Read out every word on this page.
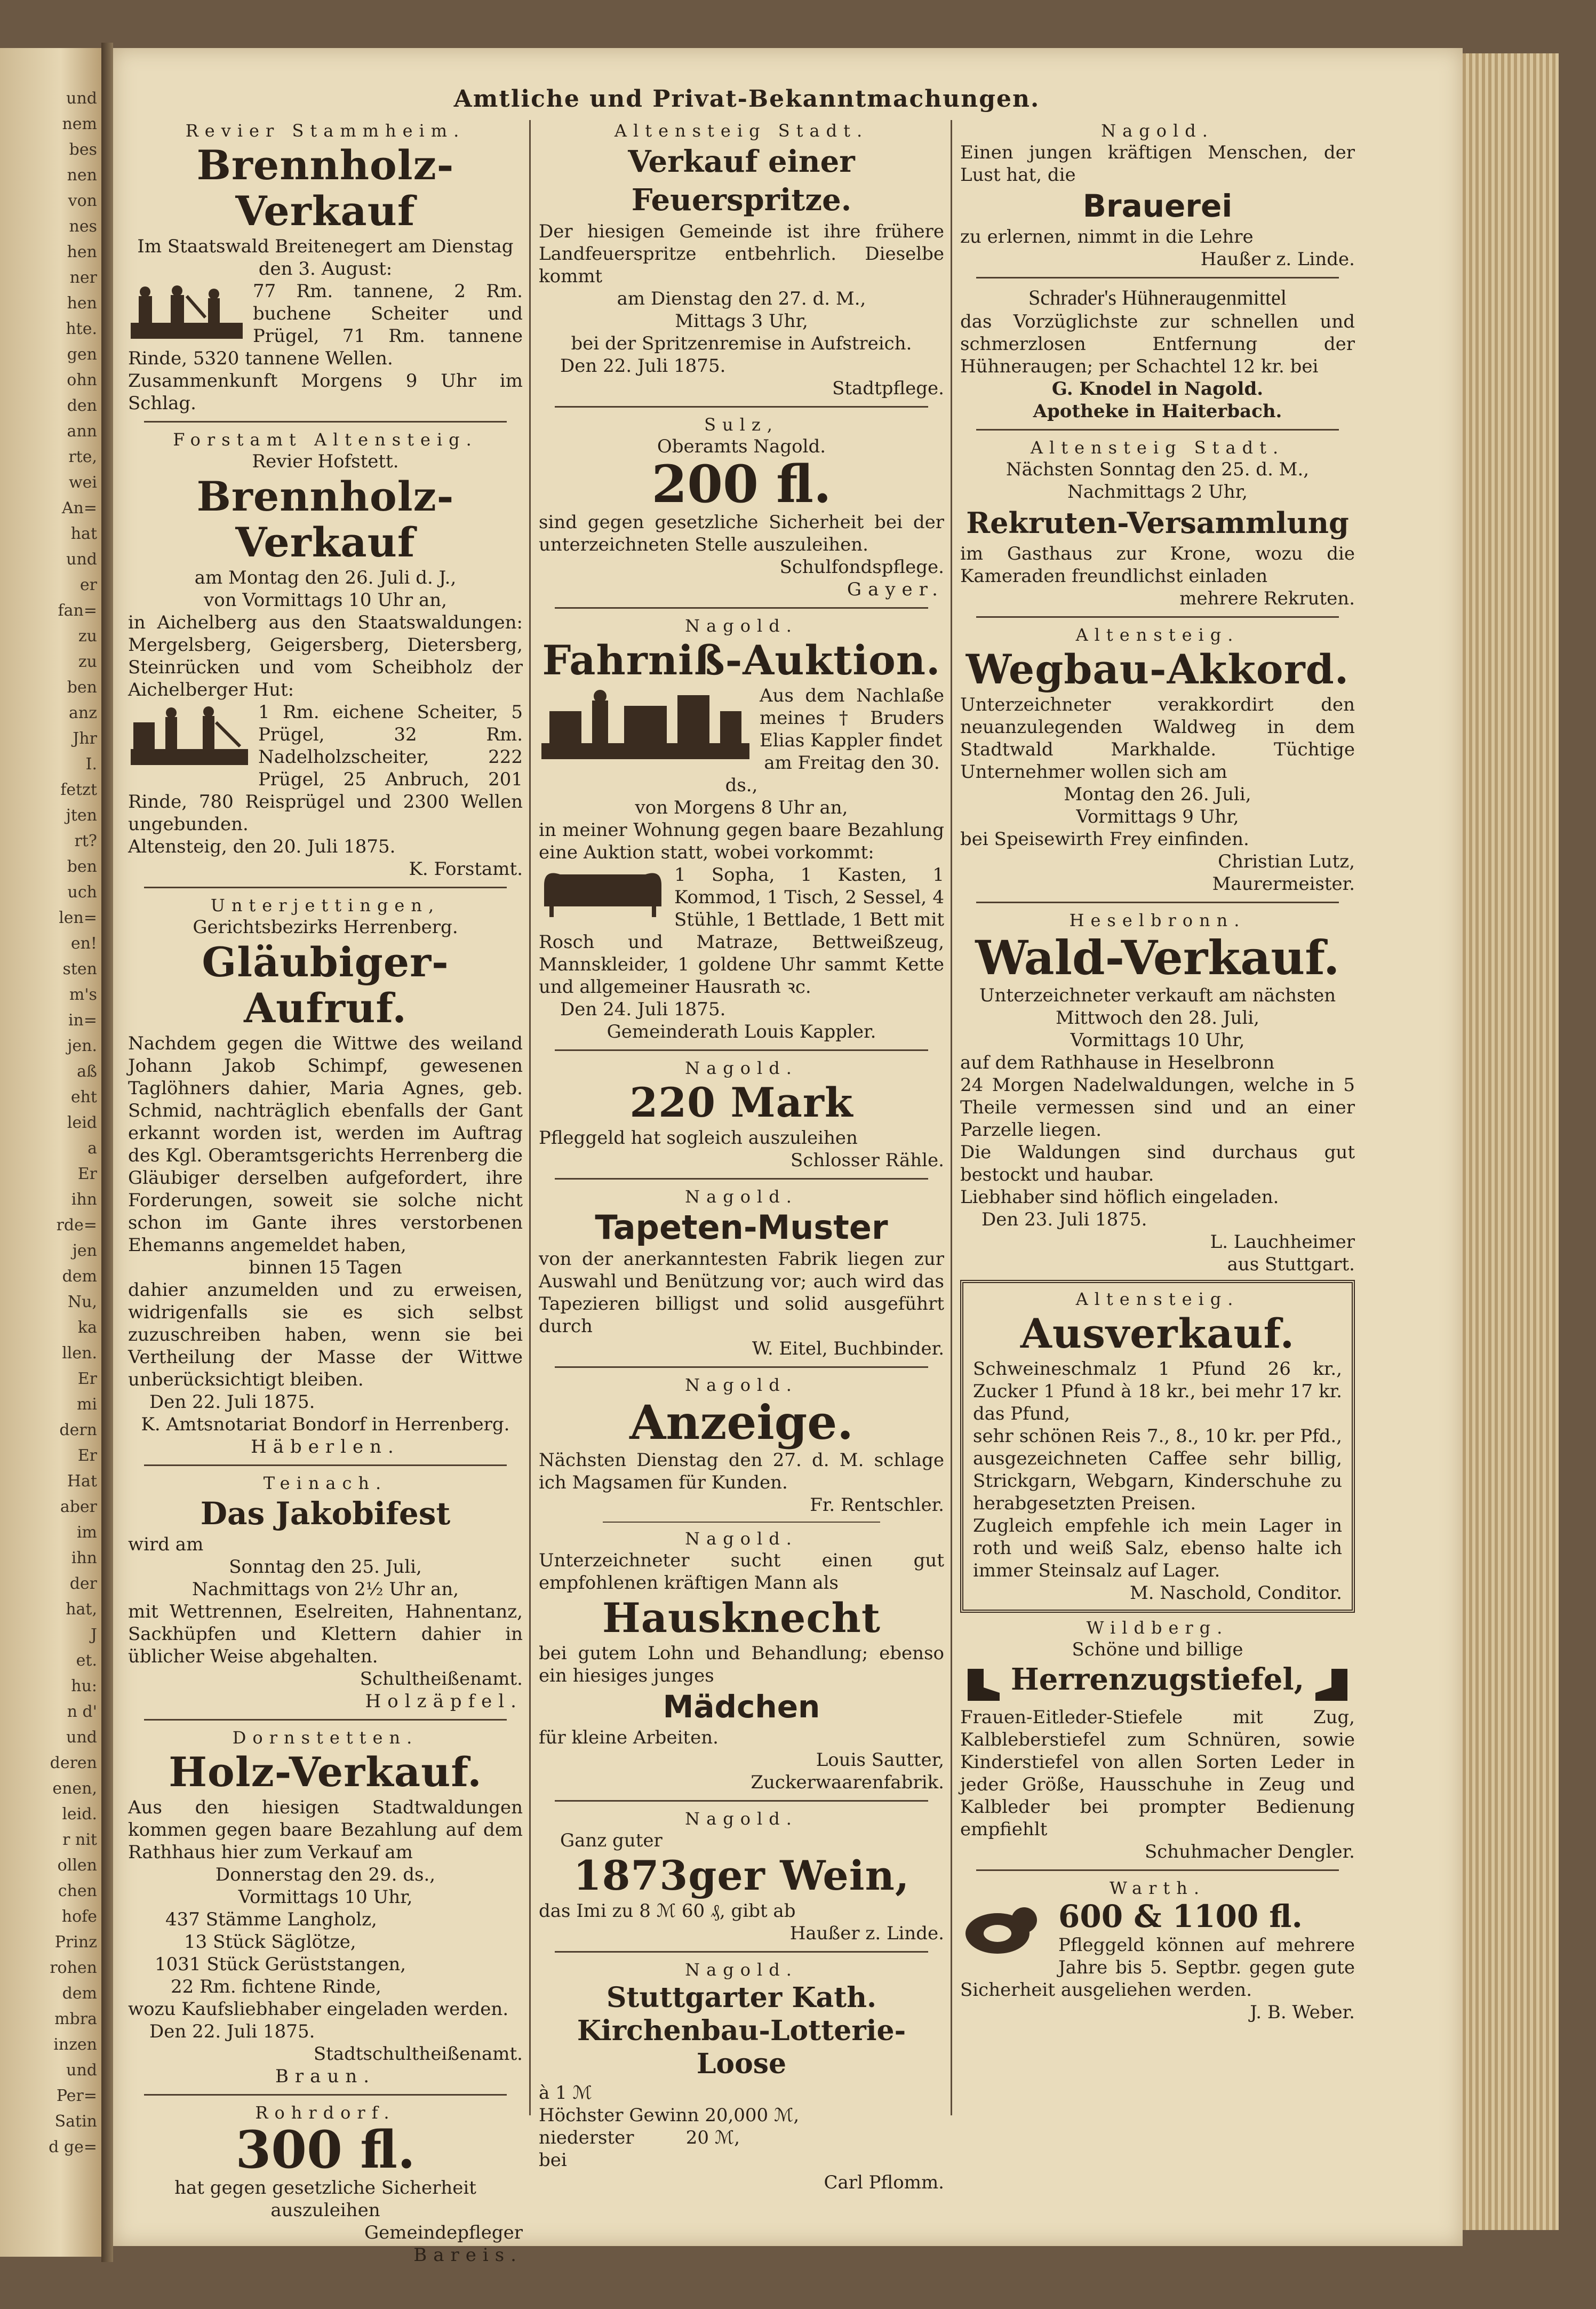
und
nem
bes
nen
von
nes
hen
ner
hen
hte.
gen
ohn
den
ann
rte,
wei
An=
hat
und
er
fan=
zu
zu
ben
anz
Jhr
I.
fetzt
jten
rt?
ben
uch
len=
en!
sten
m's
in=
jen.
aß
eht
leid
a
Er
ihn
rde=
jen
dem
Nu,
ka
llen.
Er
mi
dern
Er
Hat
aber
im
ihn
der
hat,
J
et.
hu:
n d'
und
deren
enen,
leid.
r nit
ollen
chen
hofe
Prinz
rohen
dem
mbra
inzen
und
Per=
Satin
d ge=
Amtliche und Privat-Bekanntmachungen.

Revier Stammheim.

Brennholz-Verkauf

Im Staatswald Breitenegert am Dienstag den 3. August:

77 Rm. tannene, 2 Rm. buchene Scheiter und Prügel, 71 Rm. tannene Rinde, 5320 tannene Wellen.

Zusammenkunft Morgens 9 Uhr im Schlag.

Forstamt Altensteig.

Revier Hofstett.

Brennholz-Verkauf

am Montag den 26. Juli d. J.,

von Vormittags 10 Uhr an,

in Aichelberg aus den Staatswaldungen: Mergelsberg, Geigersberg, Dietersberg, Steinrücken und vom Scheibholz der Aichelberger Hut:

1 Rm. eichene Scheiter, 5 Prügel, 32 Rm. Nadelholzscheiter, 222 Prügel, 25 Anbruch, 201 Rinde, 780 Reisprügel und 2300 Wellen ungebunden.

Altensteig, den 20. Juli 1875.

K. Forstamt.

Unterjettingen,

Gerichtsbezirks Herrenberg.

Gläubiger-Aufruf.

Nachdem gegen die Wittwe des weiland Johann Jakob Schimpf, gewesenen Taglöhners dahier, Maria Agnes, geb. Schmid, nachträglich ebenfalls der Gant erkannt worden ist, werden im Auftrag des Kgl. Oberamtsgerichts Herrenberg die Gläubiger derselben aufgefordert, ihre Forderungen, soweit sie solche nicht schon im Gante ihres verstorbenen Ehemanns angemeldet haben,

binnen 15 Tagen

dahier anzumelden und zu erweisen, widrigenfalls sie es sich selbst zuzuschreiben haben, wenn sie bei Vertheilung der Masse der Wittwe unberücksichtigt bleiben.

Den 22. Juli 1875.

K. Amtsnotariat Bondorf in Herrenberg.

Häberlen.

Teinach.

Das Jakobifest

wird am

Sonntag den 25. Juli,

Nachmittags von 2½ Uhr an,

mit Wettrennen, Eselreiten, Hahnentanz, Sackhüpfen und Klettern dahier in üblicher Weise abgehalten.

Schultheißenamt.

Holzäpfel.

Dornstetten.

Holz-Verkauf.

Aus den hiesigen Stadtwaldungen kommen gegen baare Bezahlung auf dem Rathhaus hier zum Verkauf am

Donnerstag den 29. ds.,

Vormittags 10 Uhr,

437 Stämme Langholz,

13 Stück Säglötze,

1031 Stück Gerüststangen,

22 Rm. fichtene Rinde,

wozu Kaufsliebhaber eingeladen werden.

Den 22. Juli 1875.

Stadtschultheißenamt.

Braun.

Rohrdorf.

300 fl.

hat gegen gesetzliche Sicherheit auszuleihen

Gemeindepfleger

Bareis.

Altensteig Stadt.

Verkauf einer Feuerspritze.

Der hiesigen Gemeinde ist ihre frühere Landfeuerspritze entbehrlich. Dieselbe kommt

am Dienstag den 27. d. M.,

Mittags 3 Uhr,

bei der Spritzenremise in Aufstreich.

Den 22. Juli 1875.

Stadtpflege.

Sulz,

Oberamts Nagold.

200 fl.

sind gegen gesetzliche Sicherheit bei der unterzeichneten Stelle auszuleihen.

Schulfondspflege.

Gayer.

Nagold.

Fahrniß-Auktion.

Aus dem Nachlaße meines † Bruders Elias Kappler findet

am Freitag den 30. ds.,

von Morgens 8 Uhr an,

in meiner Wohnung gegen baare Bezahlung eine Auktion statt, wobei vorkommt:

1 Sopha, 1 Kasten, 1 Kommod, 1 Tisch, 2 Sessel, 4 Stühle, 1 Bettlade, 1 Bett mit Rosch und Matraze, Bettweißzeug, Mannskleider, 1 goldene Uhr sammt Kette und allgemeiner Hausrath ꝛc.

Den 24. Juli 1875.

Gemeinderath Louis Kappler.

Nagold.

220 Mark

Pfleggeld hat sogleich auszuleihen

Schlosser Rähle.

Nagold.

Tapeten-Muster

von der anerkanntesten Fabrik liegen zur Auswahl und Benützung vor; auch wird das Tapezieren billigst und solid ausgeführt durch

W. Eitel, Buchbinder.

Nagold.

Anzeige.

Nächsten Dienstag den 27. d. M. schlage ich Magsamen für Kunden.

Fr. Rentschler.

Nagold.

Unterzeichneter sucht einen gut empfohlenen kräftigen Mann als

Hausknecht

bei gutem Lohn und Behandlung; ebenso ein hiesiges junges

Mädchen

für kleine Arbeiten.

Louis Sautter,

Zuckerwaarenfabrik.

Nagold.

Ganz guter

1873ger Wein,

das Imi zu 8 ℳ 60 ₰, gibt ab

Haußer z. Linde.

Nagold.

Stuttgarter Kath. Kirchenbau-Lotterie-Loose

à 1 ℳ

Höchster Gewinn 20,000 ℳ,

niederster         20 ℳ,

bei

Carl Pflomm.

Nagold.

Einen jungen kräftigen Menschen, der Lust hat, die

Brauerei

zu erlernen, nimmt in die Lehre

Haußer z. Linde.

Schrader's Hühneraugenmittel

das Vorzüglichste zur schnellen und schmerzlosen Entfernung der Hühneraugen; per Schachtel 12 kr. bei

G. Knodel in Nagold.

Apotheke in Haiterbach.

Altensteig Stadt.

Nächsten Sonntag den 25. d. M.,

Nachmittags 2 Uhr,

Rekruten-Versammlung

im Gasthaus zur Krone, wozu die Kameraden freundlichst einladen

mehrere Rekruten.

Altensteig.

Wegbau-Akkord.

Unterzeichneter verakkordirt den neuanzulegenden Waldweg in dem Stadtwald Markhalde. Tüchtige Unternehmer wollen sich am

Montag den 26. Juli,

Vormittags 9 Uhr,

bei Speisewirth Frey einfinden.

Christian Lutz,

Maurermeister.

Heselbronn.

Wald-Verkauf.

Unterzeichneter verkauft am nächsten

Mittwoch den 28. Juli,

Vormittags 10 Uhr,

auf dem Rathhause in Heselbronn

24 Morgen Nadelwaldungen, welche in 5 Theile vermessen sind und an einer Parzelle liegen.

Die Waldungen sind durchaus gut bestockt und haubar.

Liebhaber sind höflich eingeladen.

Den 23. Juli 1875.

L. Lauchheimer

aus Stuttgart.

Altensteig.

Ausverkauf.

Schweineschmalz 1 Pfund 26 kr., Zucker 1 Pfund à 18 kr., bei mehr 17 kr. das Pfund,

sehr schönen Reis 7., 8., 10 kr. per Pfd., ausgezeichneten Caffee sehr billig, Strickgarn, Webgarn, Kinderschuhe zu herabgesetzten Preisen.

Zugleich empfehle ich mein Lager in roth und weiß Salz, ebenso halte ich immer Steinsalz auf Lager.

M. Naschold, Conditor.

Wildberg.

Schöne und billige

Herrenzugstiefel,

Frauen-Eitleder-Stiefele mit Zug, Kalbleberstiefel zum Schnüren, sowie Kinderstiefel von allen Sorten Leder in jeder Größe, Hausschuhe in Zeug und Kalbleder bei prompter Bedienung empfiehlt

Schuhmacher Dengler.

Warth.

600 & 1100 fl.

Pfleggeld können auf mehrere Jahre bis 5. Septbr. gegen gute Sicherheit ausgeliehen werden.

J. B. Weber.
